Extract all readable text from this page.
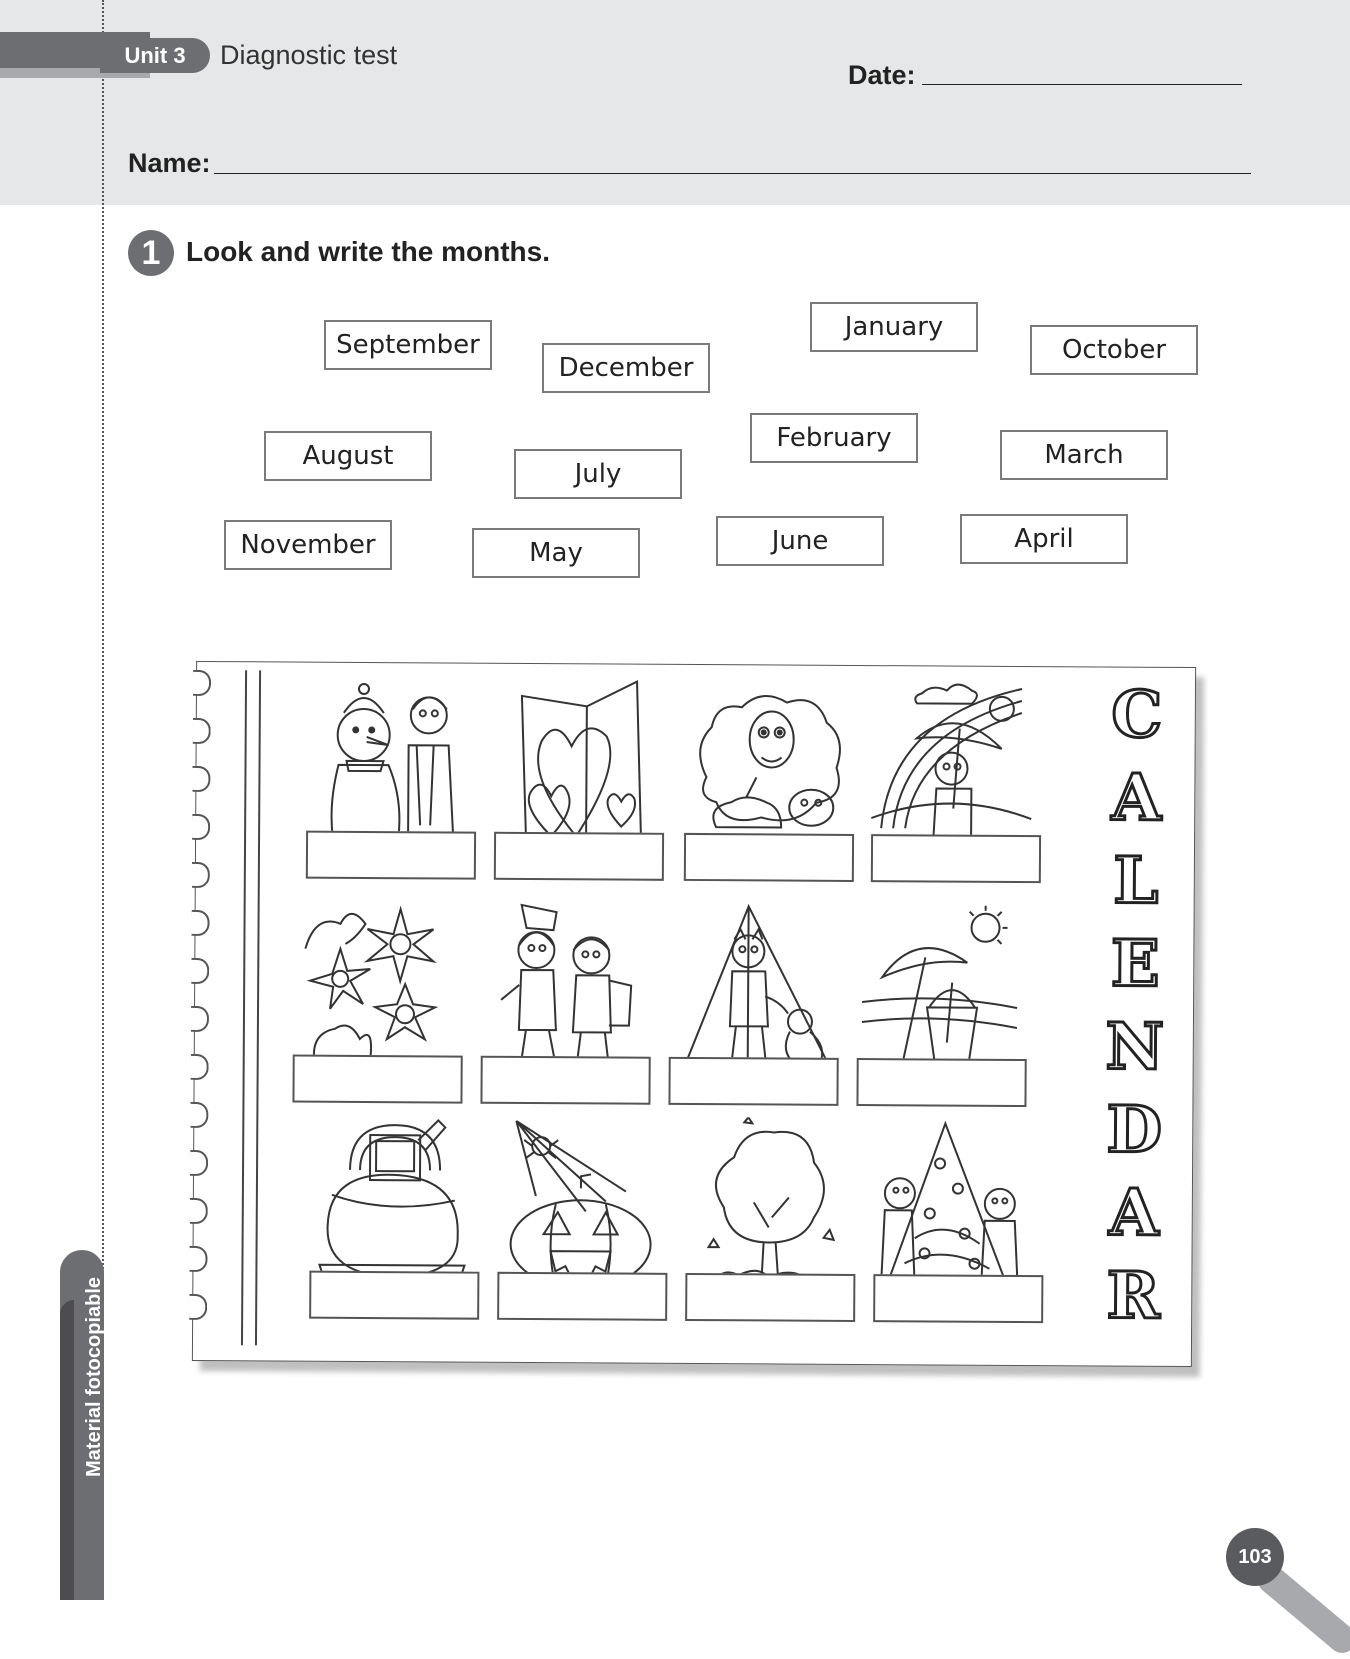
Unit 3	Diagnostic test
Date:
Name:
1 Look and write the months.
September
December
January
October
August
July
February
March
November	May	June	April
C
A
L
E
N
D
A
R
Material fotocopiable
103
